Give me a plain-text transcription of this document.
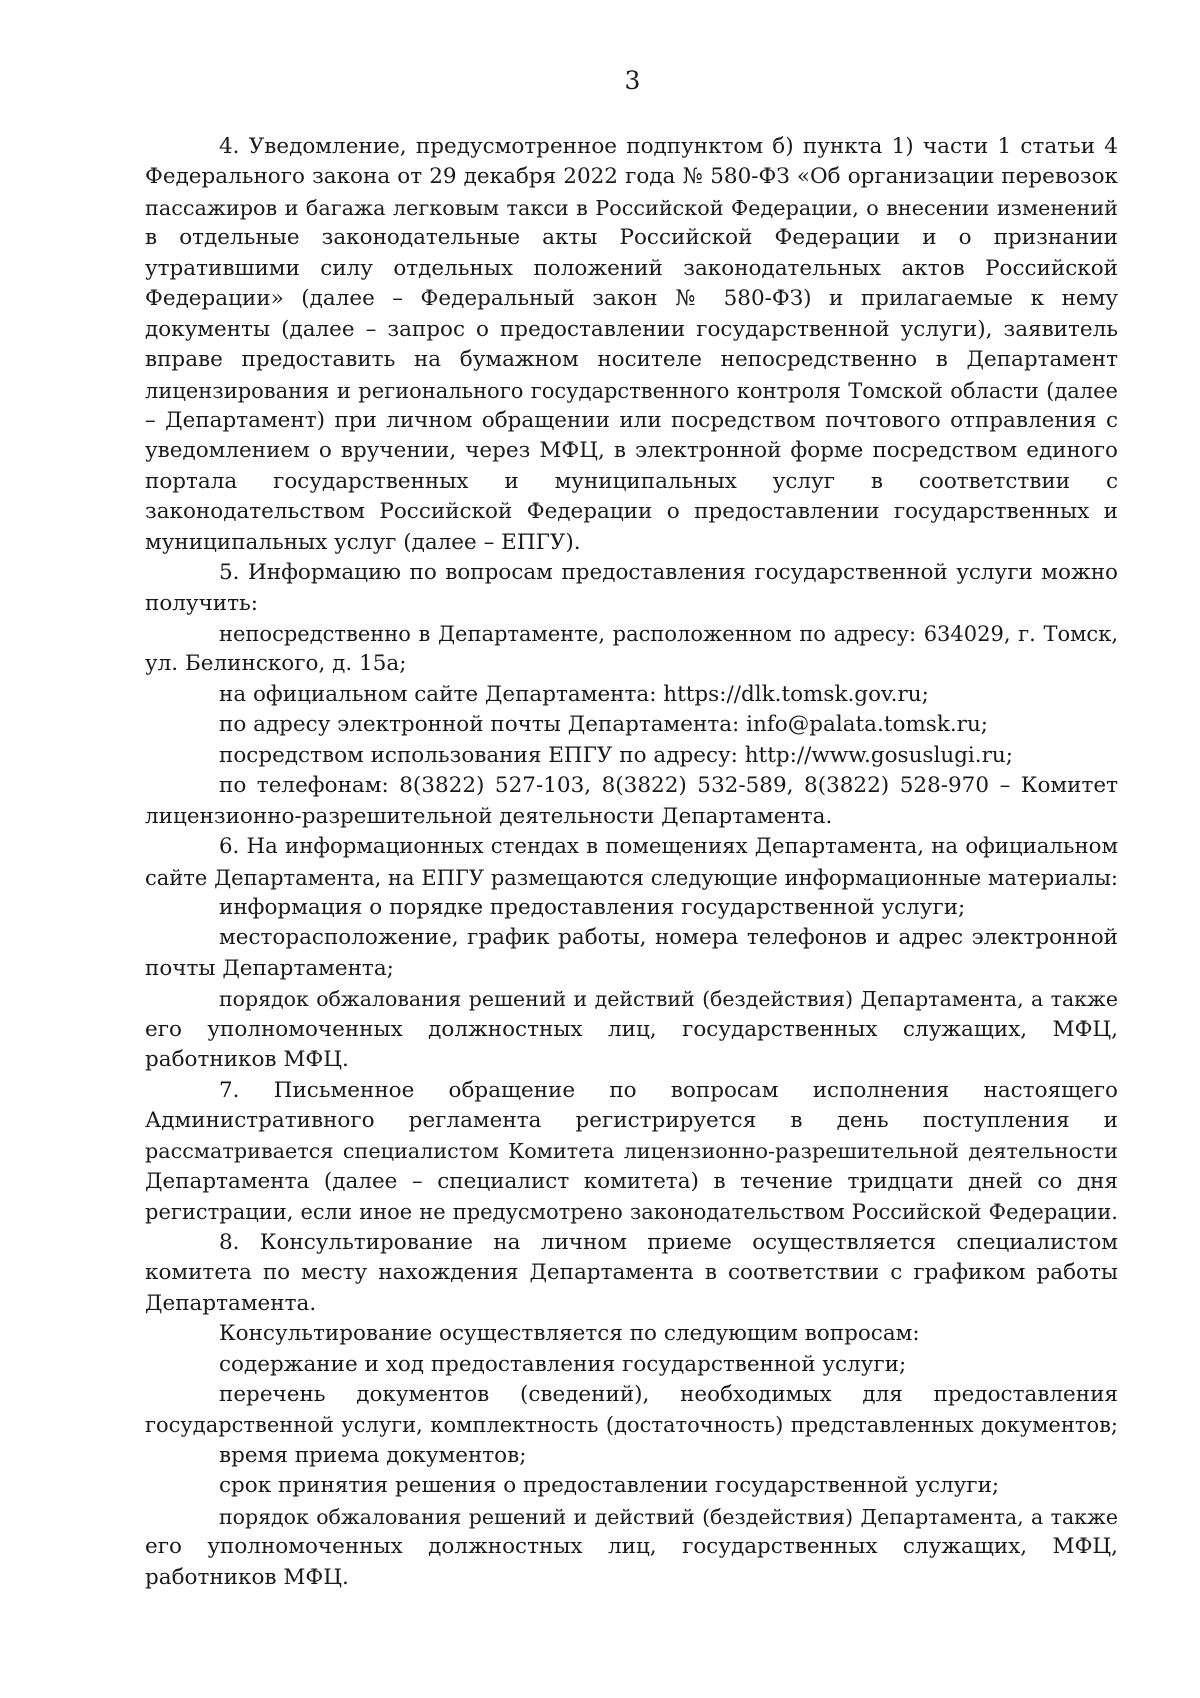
3
4. Уведомление, предусмотренное подпунктом б) пункта 1) части 1 статьи 4
Федерального закона от 29 декабря 2022 года № 580-ФЗ «Об организации перевозок
пассажиров и багажа легковым такси в Российской Федерации, о внесении изменений
в отдельные законодательные акты Российской Федерации и о признании
утратившими силу отдельных положений законодательных актов Российской
Федерации» (далее – Федеральный закон № 580-ФЗ) и прилагаемые к нему
документы (далее – запрос о предоставлении государственной услуги), заявитель
вправе предоставить на бумажном носителе непосредственно в Департамент
лицензирования и регионального государственного контроля Томской области (далее
– Департамент) при личном обращении или посредством почтового отправления с
уведомлением о вручении, через МФЦ, в электронной форме посредством единого
портала государственных и муниципальных услуг в соответствии с
законодательством Российской Федерации о предоставлении государственных и
муниципальных услуг (далее – ЕПГУ).
5. Информацию по вопросам предоставления государственной услуги можно
получить:
непосредственно в Департаменте, расположенном по адресу: 634029, г. Томск,
ул. Белинского, д. 15а;
на официальном сайте Департамента: https://dlk.tomsk.gov.ru;
по адресу электронной почты Департамента: info@palata.tomsk.ru;
посредством использования ЕПГУ по адресу: http://www.gosuslugi.ru;
по телефонам: 8(3822) 527-103, 8(3822) 532-589, 8(3822) 528-970 – Комитет
лицензионно-разрешительной деятельности Департамента.
6. На информационных стендах в помещениях Департамента, на официальном
сайте Департамента, на ЕПГУ размещаются следующие информационные материалы:
информация о порядке предоставления государственной услуги;
месторасположение, график работы, номера телефонов и адрес электронной
почты Департамента;
порядок обжалования решений и действий (бездействия) Департамента, а также
его уполномоченных должностных лиц, государственных служащих, МФЦ,
работников МФЦ.
7. Письменное обращение по вопросам исполнения настоящего
Административного регламента регистрируется в день поступления и
рассматривается специалистом Комитета лицензионно-разрешительной деятельности
Департамента (далее – специалист комитета) в течение тридцати дней со дня
регистрации, если иное не предусмотрено законодательством Российской Федерации.
8. Консультирование на личном приеме осуществляется специалистом
комитета по месту нахождения Департамента в соответствии с графиком работы
Департамента.
Консультирование осуществляется по следующим вопросам:
содержание и ход предоставления государственной услуги;
перечень документов (сведений), необходимых для предоставления
государственной услуги, комплектность (достаточность) представленных документов;
время приема документов;
срок принятия решения о предоставлении государственной услуги;
порядок обжалования решений и действий (бездействия) Департамента, а также
его уполномоченных должностных лиц, государственных служащих, МФЦ,
работников МФЦ.
